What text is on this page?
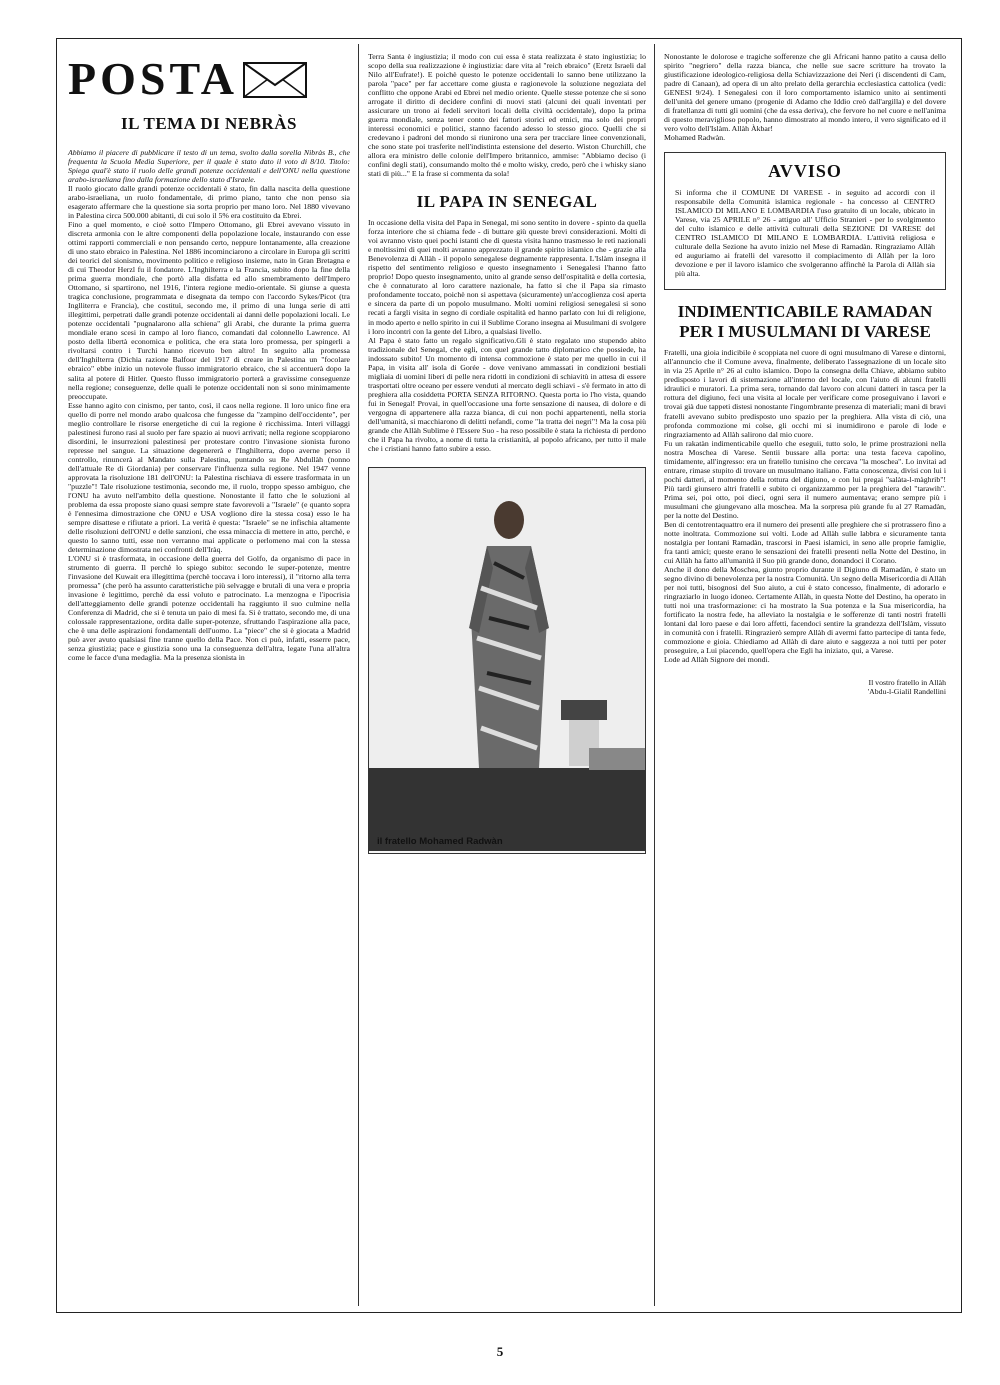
POSTA
IL TEMA DI NEBRÀS

Abbiamo il piacere di pubblicare il testo di un tema, svolto dalla sorella Nibràs B., che frequenta la Scuola Media Superiore, per il quale è stato dato il voto di 8/10. Titolo: Spiega qual'è stato il ruolo delle grandi potenze occidentali e dell'ONU nella questione arabo-israeliana fino dalla formazione dello stato d'Israele.

Il ruolo giocato dalle grandi potenze occidentali è stato, fin dalla nascita della questione arabo-israeliana, un ruolo fondamentale, di primo piano, tanto che non penso sia esagerato affermare che la questione sia sorta proprio per mano loro. Nel 1880 vivevano in Palestina circa 500.000 abitanti, di cui solo il 5% era costituito da Ebrei.

Fino a quel momento, e cioè sotto l'Impero Ottomano, gli Ebrei avevano vissuto in discreta armonia con le altre componenti della popolazione locale, instaurando con esse ottimi rapporti commerciali e non pensando certo, neppure lontanamente, alla creazione di uno stato ebraico in Palestina. Nel 1886 incominciarono a circolare in Europa gli scritti dei teorici del sionismo, movimento politico e religioso insieme, nato in Gran Bretagna e di cui Theodor Herzl fu il fondatore. L'Inghilterra e la Francia, subito dopo la fine della prima guerra mondiale, che portò alla disfatta ed allo smembramento dell'Impero Ottomano, si spartirono, nel 1916, l'intera regione medio-orientale. Si giunse a questa tragica conclusione, programmata e disegnata da tempo con l'accordo Sykes/Picot (tra Inglliterra e Francia), che costituì, secondo me, il primo di una lunga serie di atti illegittimi, perpetrati dalle grandi potenze occidentali ai danni delle popolazioni locali. Le potenze occidentali "pugnalarono alla schiena" gli Arabi, che durante la prima guerra mondiale erano scesi in campo al loro fianco, comandati dal colonnello Lawrence. Al posto della libertà economica e politica, che era stata loro promessa, per spingerli a rivoltarsi contro i Turchi hanno ricevuto ben altro! In seguito alla promessa dell'Inghilterra (Dichia razione Balfour del 1917 di creare in Palestina un "focolare ebraico" ebbe inizio un notevole flusso immigratorio ebraico, che si accentuerà dopo la salita al potere di Hitler. Questo flusso immigratorio porterà a gravissime conseguenze nella regione; conseguenze, delle quali le potenze occidentali non si sono minimamente preoccupate.

Esse hanno agito con cinismo, per tanto, così, il caos nella regione. Il loro unico fine era quello di porre nel mondo arabo qualcosa che fungesse da "zampino dell'occidente", per meglio controllare le risorse energetiche di cui la regione è ricchissima. Interi villaggi palestinesi furono rasi al suolo per fare spazio ai nuovi arrivati; nella regione scoppiarono disordini, le insurrezioni palestinesi per protestare contro l'invasione sionista furono represse nel sangue. La situazione degenererà e l'Inghilterra, dopo averne perso il controllo, rinuncerà al Mandato sulla Palestina, puntando su Re Abdullàh (nonno dell'attuale Re di Giordania) per conservare l'influenza sulla regione. Nel 1947 venne approvata la risoluzione 181 dell'ONU: la Palestina rischiava di essere trasformata in un "puzzle"! Tale risoluzione testimonia, secondo me, il ruolo, troppo spesso ambiguo, che l'ONU ha avuto nell'ambito della questione. Nonostante il fatto che le soluzioni al problema da essa proposte siano quasi sempre state favorevoli a "Israele" (e quanto sopra è l'ennesima dimostrazione che ONU e USA vogliono dire la stessa cosa) esso le ha sempre disattese e rifiutate a priori. La verità è questa: "Israele" se ne infischia altamente delle risoluzioni dell'ONU e delle sanzioni, che essa minaccia di mettere in atto, perchè, e questo lo sanno tutti, esse non verranno mai applicate o perlomeno mai con la stessa determinazione dimostrata nei confronti dell'Iràq.

L'ONU si è trasformata, in occasione della guerra del Golfo, da organismo di pace in strumento di guerra. Il perchè lo spiego subito: secondo le super-potenze, mentre l'invasione del Kuwait era illegittima (perchè toccava i loro interessi), il "ritorno alla terra promessa" (che però ha assunto caratteristiche più selvagge e brutali di una vera e propria invasione è legittimo, perchè da essi voluto e patrocinato. La menzogna e l'ipocrisia dell'atteggiamento delle grandi potenze occidentali ha raggiunto il suo culmine nella Conferenza di Madrid, che si è tenuta un paio di mesi fa. Si è trattato, secondo me, di una colossale rappresentazione, ordita dalle super-potenze, sfruttando l'aspirazione alla pace, che è una delle aspirazioni fondamentali dell'uomo. La "piece" che si è giocata a Madrid può aver avuto qualsiasi fine tranne quello della Pace. Non ci può, infatti, esserre pace, senza giustizia; pace e giustizia sono una la conseguenza dell'altra, legate l'una all'altra come le facce d'una medaglia. Ma la presenza sionista in

Terra Santa è ingiustizia; il modo con cui essa è stata realizzata è stato ingiustizia; lo scopo della sua realizzazione è ingiustizia: dare vita al "reich ebraico" (Eretz Israeli dal Nilo all'Eufrate!). E poichè questo le potenze occidentali lo sanno bene utilizzano la parola "pace" per far accettare come giusta e ragionevole la soluzione negoziata del conflitto che oppone Arabi ed Ebrei nel medio oriente. Quelle stesse potenze che si sono arrogate il diritto di decidere confini di nuovi stati (alcuni dei quali inventati per assicurare un trono ai fedeli servitori locali della civiltà occidentale), dopo la prima guerra mondiale, senza tener conto dei fattori storici ed etnici, ma solo dei propri interessi economici e politici, stanno facendo adesso lo stesso gioco. Quelli che si credevano i padroni del mondo si riunirono una sera per tracciare linee convenzionali, che sono state poi trasferite nell'indistinta estensione del deserto. Wiston Churchill, che allora era ministro delle colonie dell'Impero britannico, ammise: "Abbiamo deciso (i confini degli stati), consumando molto thé e molto wisky, credo, però che i whisky siano stati di più..." E la frase si commenta da sola!

IL PAPA IN SENEGAL

In occasione della visita del Papa in Senegal, mi sono sentito in dovere - spinto da quella forza interiore che si chiama fede - di buttare giù queste brevi considerazioni. Molti di voi avranno visto quei pochi istanti che di questa visita hanno trasmesso le reti nazionali e moltissimi di quei molti avranno apprezzato il grande spirito islamico che - grazie alla Benevolenza di Allàh - il popolo senegalese degnamente rappresenta. L'Islàm insegna il rispetto del sentimento religioso e questo insegnamento i Senegalesi l'hanno fatto proprio! Dopo questo insegnamento, unito al grande senso dell'ospitalità e della cortesia, che è connaturato al loro carattere nazionale, ha fatto sì che il Papa sia rimasto profondamente toccato, poichè non si aspettava (sicuramente) un'accoglienza così aperta e sincera da parte di un popolo musulmano. Molti uomini religiosi senegalesi si sono recati a fargli visita in segno di cordiale ospitalità ed hanno parlato con lui di religione, in modo aperto e nello spirito in cui il Sublime Corano insegna ai Musulmani di svolgere i loro incontri con la gente del Libro, a qualsiasi livello.

Al Papa è stato fatto un regalo significativo.Gli è stato regalato uno stupendo abito tradizionale del Senegal, che egli, con quel grande tatto diplomatico che possiede, ha indossato subito! Un momento di intensa commozione è stato per me quello in cui il Papa, in visita all' isola di Gorée - dove venivano ammassati in condizioni bestiali migliaia di uomini liberi di pelle nera ridotti in condizioni di schiavitù in attesa di essere trasportati oltre oceano per essere venduti al mercato degli schiavi - s'è fermato in atto di preghiera alla cosiddetta PORTA SENZA RITORNO. Questa porta io l'ho vista, quando fui in Senegal! Provai, in quell'occasione una forte sensazione di nausea, di dolore e di vergogna di appartenere alla razza bianca, di cui non pochi appartenenti, nella storia dell'umanità, si macchiarono di delitti nefandi, come "la tratta dei negri"! Ma la cosa più grande che Allàh Sublime è l'Essere Suo - ha reso possibile è stata la richiesta di perdono che il Papa ha rivolto, a nome di tutta la cristianità, al popolo africano, per tutto il male che i cristiani hanno fatto subire a esso.

il fratello Mohamed Radwàn

Nonostante le dolorose e tragiche sofferenze che gli Africani hanno patito a causa dello spirito "negriero" della razza bianca, che nelle sue sacre scritture ha trovato la giustificazione ideologico-religiosa della Schiavizzazione dei Neri (i discendenti di Cam, padre di Canaan), ad opera di un alto prelato della gerarchia ecclesiastica cattolica (vedi: GENESI 9/24). I Senegalesi con il loro comportamento islamico unito ai sentimenti dell'unità del genere umano (progenie di Adamo che Iddio creò dall'argilla) e del dovere di fratellanza di tutti gli uomini (che da essa deriva), che fervore ho nel cuore e nell'anima di questo meraviglioso popolo, hanno dimostrato al mondo intero, il vero significato ed il vero volto dell'Islàm. Allàh Àkbar!

Mohamed Radwàn.

AVVISO

Si informa che il COMUNE DI VARESE - in seguito ad accordi con il responsabile della Comunità islamica regionale - ha concesso al CENTRO ISLAMICO DI MILANO E LOMBARDIA l'uso gratuito di un locale, ubicato in Varese, via 25 APRILE n° 26 - attiguo all' Ufficio Stranieri - per lo svolgimento del culto islamico e delle attività culturali della SEZIONE DI VARESE del CENTRO ISLAMICO DI MILANO E LOMBARDIA. L'attività religiosa e culturale della Sezione ha avuto inizio nel Mese di Ramadàn. Ringraziamo Allàh ed auguriamo ai fratelli del varesotto il compiacimento di Allàh per la loro devozione e per il lavoro islamico che svolgeranno affinchè la Parola di Allàh sia più alta.

INDIMENTICABILE RAMADAN PER I MUSULMANI DI VARESE

Fratelli, una gioia indicibile è scoppiata nel cuore di ogni musulmano di Varese e dintorni, all'annuncio che il Comune aveva, finalmente, deliberato l'assegnazione di un locale sito in via 25 Aprile n° 26 al culto islamico. Dopo la consegna della Chiave, abbiamo subito predisposto i lavori di sistemazione all'interno del locale, con l'aiuto di alcuni fratelli idraulici e muratori. La prima sera, tornando dal lavoro con alcuni datteri in tasca per la rottura del digiuno, feci una visita al locale per verificare come proseguivano i lavori e trovai già due tappeti distesi nonostante l'ingombrante presenza di materiali; mani di bravi fratelli avevano subito predisposto uno spazio per la preghiera. Alla vista di ciò, una profonda commozione mi colse, gli occhi mi si inumidirono e parole di lode e ringraziamento ad Allàh salirono dal mio cuore.

Fu un rakatàn indimenticabile quello che eseguii, tutto solo, le prime prostrazioni nella nostra Moschea di Varese. Sentii bussare alla porta: una testa faceva capolino, timidamente, all'ingresso: era un fratello tunisino che cercava "la moschea". Lo invitai ad entrare, rimase stupito di trovare un musulmano italiano. Fatta conoscenza, divisi con lui i pochi datteri, al momento della rottura del digiuno, e con lui pregai "salàta-l-màghrib"! Più tardi giunsero altri fratelli e subito ci organizzammo per la preghiera del "tarawih". Prima sei, poi otto, poi dieci, ogni sera il numero aumentava; erano sempre più i musulmani che giungevano alla moschea. Ma la sorpresa più grande fu al 27 Ramadàn, per la notte del Destino.

Ben di centotrentaquattro era il numero dei presenti alle preghiere che si protrassero fino a notte inoltrata. Commozione sui volti. Lode ad Allàh sulle labbra e sicuramente tanta nostalgia per lontani Ramadàn, trascorsi in Paesi islamici, in seno alle proprie famiglie, fra tanti amici; queste erano le sensazioni dei fratelli presenti nella Notte del Destino, in cui Allàh ha fatto all'umanità il Suo più grande dono, donandoci il Corano.

Anche il dono della Moschea, giunto proprio durante il Digiuno di Ramadàn, è stato un segno divino di benevolenza per la nostra Comunità. Un segno della Misericordia di Allàh per noi tutti, bisognosi del Suo aiuto, a cui è stato concesso, finalmente, di adorarlo e ringraziarlo in luogo idoneo. Certamente Allàh, in questa Notte del Destino, ha operato in tutti noi una trasformazione: ci ha mostrato la Sua potenza e la Sua misericordia, ha fortificato la nostra fede, ha alleviato la nostalgia e le sofferenze di tanti nostri fratelli lontani dal loro paese e dai loro affetti, facendoci sentire la grandezza dell'Islàm, vissuto in comunità con i fratelli. Ringrazierò sempre Allàh di avermi fatto partecipe di tanta fede, commozione e gioia. Chiediamo ad Allàh di dare aiuto e saggezza a noi tutti per poter proseguire, a Lui piacendo, quell'opera che Egli ha iniziato, qui, a Varese.

Lode ad Allàh Signore dei mondi.

Il vostro fratello in Allàh
'Abdu-l-Gialil Randellini
5
